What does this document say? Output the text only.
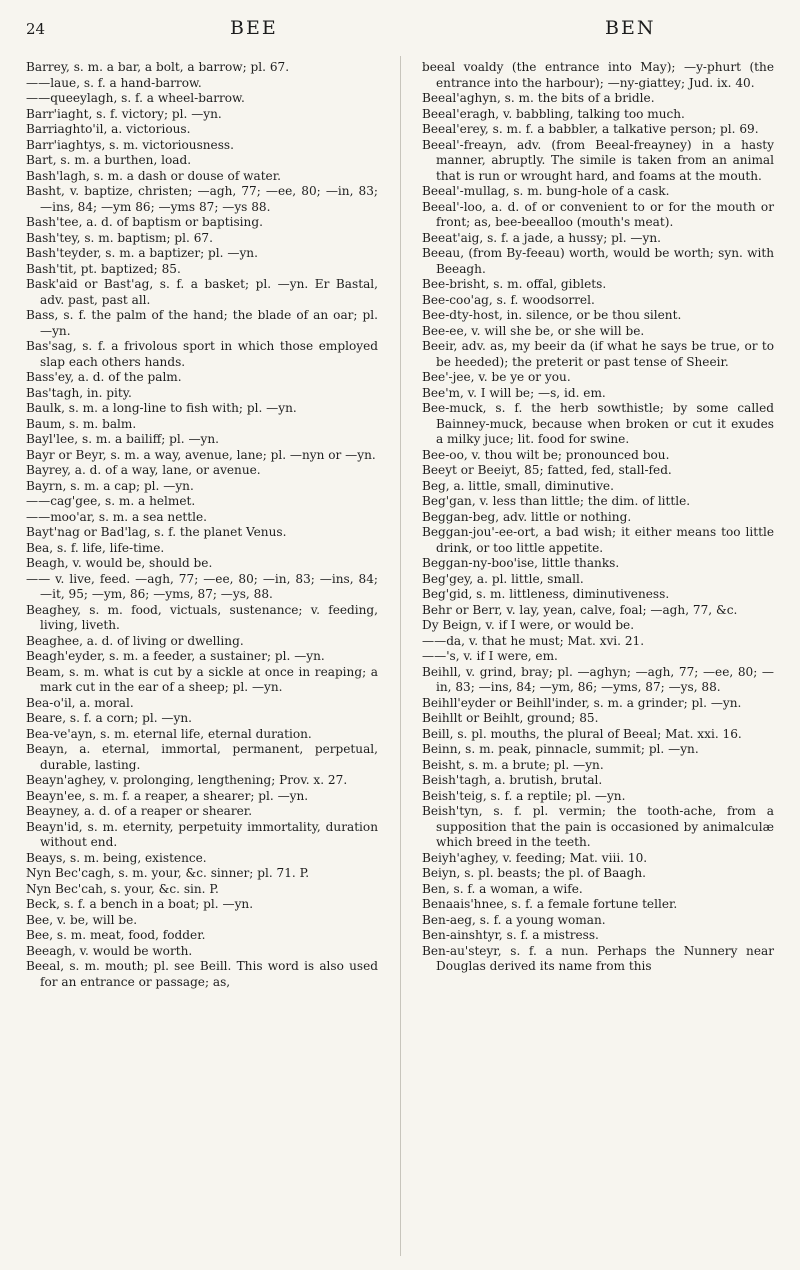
24	BEE	BEN

Barrey, s. m. a bar, a bolt, a barrow; pl. 67.

——laue, s. f. a hand-barrow.

——queeylagh, s. f. a wheel-barrow.

Barr'iaght, s. f. victory; pl. —yn.

Barriaghto'il, a. victorious.

Barr'iaghtys, s. m. victoriousness.

Bart, s. m. a burthen, load.

Bash'lagh, s. m. a dash or douse of water.

Basht, v. baptize, christen; —agh, 77; —ee, 80; —in, 83; —ins, 84; —ym 86; —yms 87; —ys 88.

Bash'tee, a. d. of baptism or baptising.

Bash'tey, s. m. baptism; pl. 67.

Bash'teyder, s. m. a baptizer; pl. —yn.

Bash'tit, pt. baptized; 85.

Bask'aid or Bast'ag, s. f. a basket; pl. —yn. Er Bastal, adv. past, past all.

Bass, s. f. the palm of the hand; the blade of an oar; pl. —yn.

Bas'sag, s. f. a frivolous sport in which those employed slap each others hands.

Bass'ey, a. d. of the palm.

Bas'tagh, in. pity.

Baulk, s. m. a long-line to fish with; pl. —yn.

Baum, s. m. balm.

Bayl'lee, s. m. a bailiff; pl. —yn.

Bayr or Beyr, s. m. a way, avenue, lane; pl. —nyn or —yn.

Bayrey, a. d. of a way, lane, or avenue.

Bayrn, s. m. a cap; pl. —yn.

——cag'gee, s. m. a helmet.

——moo'ar, s. m. a sea nettle.

Bayt'nag or Bad'lag, s. f. the planet Venus.

Bea, s. f. life, life-time.

Beagh, v. would be, should be.

—— v. live, feed. —agh, 77; —ee, 80; —in, 83; —ins, 84; —it, 95; —ym, 86; —yms, 87; —ys, 88.

Beaghey, s. m. food, victuals, sustenance; v. feeding, living, liveth.

Beaghee, a. d. of living or dwelling.

Beagh'eyder, s. m. a feeder, a sustainer; pl. —yn.

Beam, s. m. what is cut by a sickle at once in reaping; a mark cut in the ear of a sheep; pl. —yn.

Bea-o'il, a. moral.

Beare, s. f. a corn; pl. —yn.

Bea-ve'ayn, s. m. eternal life, eternal duration.

Beayn, a. eternal, immortal, permanent, perpetual, durable, lasting.

Beayn'aghey, v. prolonging, lengthening; Prov. x. 27.

Beayn'ee, s. m. f. a reaper, a shearer; pl. —yn.

Beayney, a. d. of a reaper or shearer.

Beayn'id, s. m. eternity, perpetuity immortality, duration without end.

Beays, s. m. being, existence.

Nyn Bec'cagh, s. m. your, &c. sinner; pl. 71. P.

Nyn Bec'cah, s. your, &c. sin. P.

Beck, s. f. a bench in a boat; pl. —yn.

Bee, v. be, will be.

Bee, s. m. meat, food, fodder.

Beeagh, v. would be worth.

Beeal, s. m. mouth; pl. see Beill. This word is also used for an entrance or passage; as,

beeal voaldy (the entrance into May); —y-phurt (the entrance into the harbour); —ny-giattey; Jud. ix. 40.

Beeal'aghyn, s. m. the bits of a bridle.

Beeal'eragh, v. babbling, talking too much.

Beeal'erey, s. m. f. a babbler, a talkative person; pl. 69.

Beeal'-freayn, adv. (from Beeal-freayney) in a hasty manner, abruptly. The simile is taken from an animal that is run or wrought hard, and foams at the mouth.

Beeal'-mullag, s. m. bung-hole of a cask.

Beeal'-loo, a. d. of or convenient to or for the mouth or front; as, bee-beealloo (mouth's meat).

Beeat'aig, s. f. a jade, a hussy; pl. —yn.

Beeau, (from By-feeau) worth, would be worth; syn. with Beeagh.

Bee-brisht, s. m. offal, giblets.

Bee-coo'ag, s. f. woodsorrel.

Bee-dty-host, in. silence, or be thou silent.

Bee-ee, v. will she be, or she will be.

Beeir, adv. as, my beeir da (if what he says be true, or to be heeded); the preterit or past tense of Sheeir.

Bee'-jee, v. be ye or you.

Bee'm, v. I will be; —s, id. em.

Bee-muck, s. f. the herb sowthistle; by some called Bainney-muck, because when broken or cut it exudes a milky juce; lit. food for swine.

Bee-oo, v. thou wilt be; pronounced bou.

Beeyt or Beeiyt, 85; fatted, fed, stall-fed.

Beg, a. little, small, diminutive.

Beg'gan, v. less than little; the dim. of little.

Beggan-beg, adv. little or nothing.

Beggan-jou'-ee-ort, a bad wish; it either means too little drink, or too little appetite.

Beggan-ny-boo'ise, little thanks.

Beg'gey, a. pl. little, small.

Beg'gid, s. m. littleness, diminutiveness.

Behr or Berr, v. lay, yean, calve, foal; —agh, 77, &c.

Dy Beign, v. if I were, or would be.

——da, v. that he must; Mat. xvi. 21.

——'s, v. if I were, em.

Beihll, v. grind, bray; pl. —aghyn; —agh, 77; —ee, 80; —in, 83; —ins, 84; —ym, 86; —yms, 87; —ys, 88.

Beihll'eyder or Beihll'inder, s. m. a grinder; pl. —yn.

Beihllt or Beihlt, ground; 85.

Beill, s. pl. mouths, the plural of Beeal; Mat. xxi. 16.

Beinn, s. m. peak, pinnacle, summit; pl. —yn.

Beisht, s. m. a brute; pl. —yn.

Beish'tagh, a. brutish, brutal.

Beish'teig, s. f. a reptile; pl. —yn.

Beish'tyn, s. f. pl. vermin; the tooth-ache, from a supposition that the pain is occasioned by animalculæ which breed in the teeth.

Beiyh'aghey, v. feeding; Mat. viii. 10.

Beiyn, s. pl. beasts; the pl. of Baagh.

Ben, s. f. a woman, a wife.

Benaais'hnee, s. f. a female fortune teller.

Ben-aeg, s. f. a young woman.

Ben-ainshtyr, s. f. a mistress.

Ben-au'steyr, s. f. a nun. Perhaps the Nunnery near Douglas derived its name from this
